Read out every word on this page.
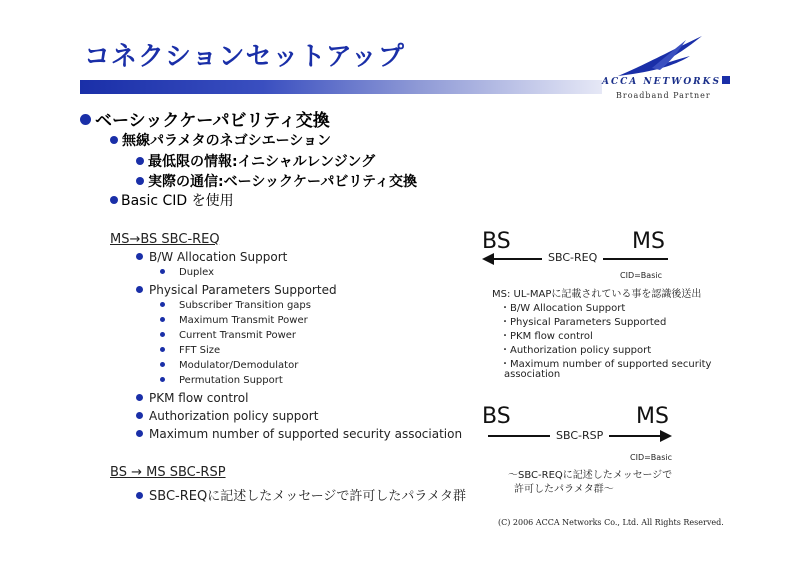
コネクションセットアップ
ACCA NETWORKS
Broadband Partner
ベーシックケーパビリティ交換
無線パラメタのネゴシエーション
最低限の情報:イニシャルレンジング
実際の通信:ベーシックケーパビリティ交換
Basic CID を使用
MS→BS SBC-REQ
B/W Allocation Support
Duplex
Physical Parameters Supported
Subscriber Transition gaps
Maximum Transmit Power
Current Transmit Power
FFT Size
Modulator/Demodulator
Permutation Support
PKM flow control
Authorization policy support
Maximum number of supported security association
BS → MS SBC-RSP
SBC-REQに記述したメッセージで許可したパラメタ群
BS	MS
SBC-REQ
CID=Basic
MS: UL-MAPに記載されている事を認識後送出
・B/W Allocation Support
・Physical Parameters Supported
・PKM flow control
・Authorization policy support
・Maximum number of supported security
association
BS	MS
SBC-RSP
CID=Basic
～SBC-REQに記述したメッセージで
許可したパラメタ群～
(C) 2006 ACCA Networks Co., Ltd. All Rights Reserved.
